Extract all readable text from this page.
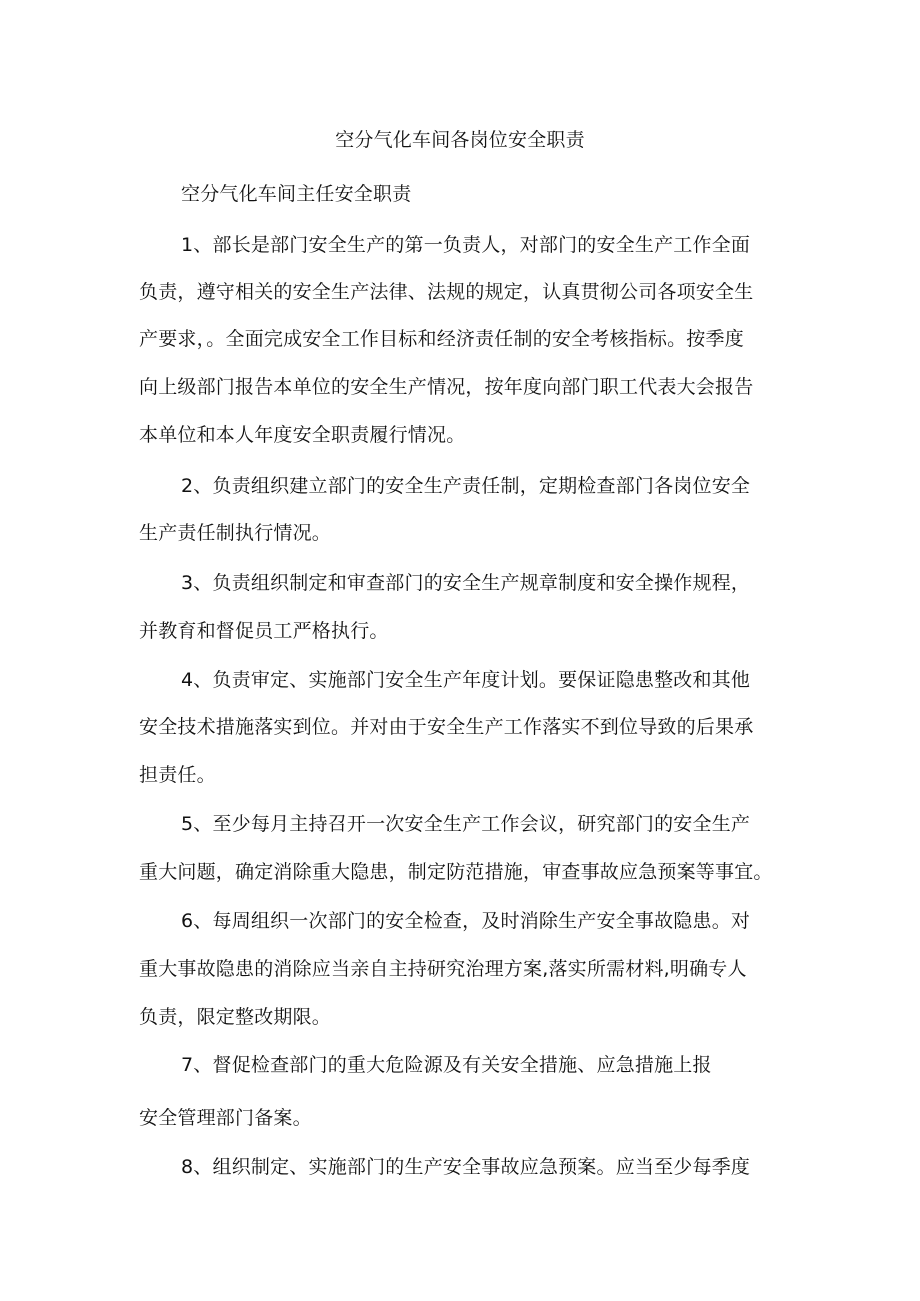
空分气化车间各岗位安全职责
空分气化车间主任安全职责
1、部长是部门安全生产的第一负责人，对部门的安全生产工作全面
负责，遵守相关的安全生产法律、法规的规定，认真贯彻公司各项安全生
产要求，。全面完成安全工作目标和经济责任制的安全考核指标。按季度
向上级部门报告本单位的安全生产情况，按年度向部门职工代表大会报告
本单位和本人年度安全职责履行情况。
2、负责组织建立部门的安全生产责任制，定期检查部门各岗位安全
生产责任制执行情况。
3、负责组织制定和审查部门的安全生产规章制度和安全操作规程，
并教育和督促员工严格执行。
4、负责审定、实施部门安全生产年度计划。要保证隐患整改和其他
安全技术措施落实到位。并对由于安全生产工作落实不到位导致的后果承
担责任。
5、至少每月主持召开一次安全生产工作会议，研究部门的安全生产
重大问题，确定消除重大隐患，制定防范措施，审查事故应急预案等事宜。
6、每周组织一次部门的安全检查，及时消除生产安全事故隐患。对
重大事故隐患的消除应当亲自主持研究治理方案,落实所需材料,明确专人
负责，限定整改期限。
7、督促检查部门的重大危险源及有关安全措施、应急措施上报
安全管理部门备案。
8、组织制定、实施部门的生产安全事故应急预案。应当至少每季度
